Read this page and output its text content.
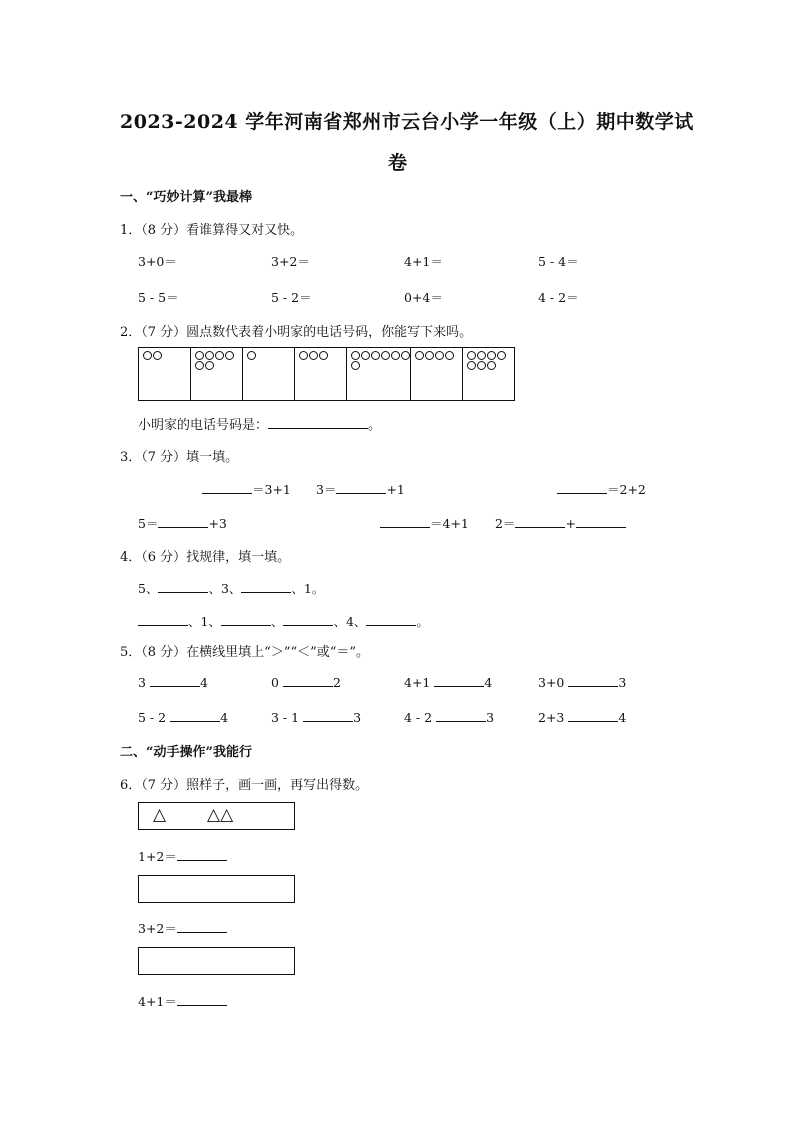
2023-2024 学年河南省郑州市云台小学一年级（上）期中数学试
卷
一、“巧妙计算”我最棒
1．（8 分）看谁算得又对又快。
3+0＝	3+2＝	4+1＝	5 - 4＝
5 - 5＝	5 - 2＝	0+4＝	4 - 2＝
2．（7 分）圆点数代表着小明家的电话号码，你能写下来吗。
小明家的电话号码是：	。
3．（7 分）填一填。
＝3+1 3＝	+1	＝2+2
5＝	+3	＝4+1 2＝	+
4．（6 分）找规律，填一填。
5、	、3、	、1。
、1、	、	、4、	。
5．（8 分）在横线里填上“＞”“＜”或“＝”。
3	4	0	2	4+1	4	3+0	3
5 - 2	4	3 - 1	3	4 - 2	3	2+3	4
二、“动手操作”我能行
6．（7 分）照样子，画一画，再写出得数。
△ △△
1+2＝
3+2＝
4+1＝
